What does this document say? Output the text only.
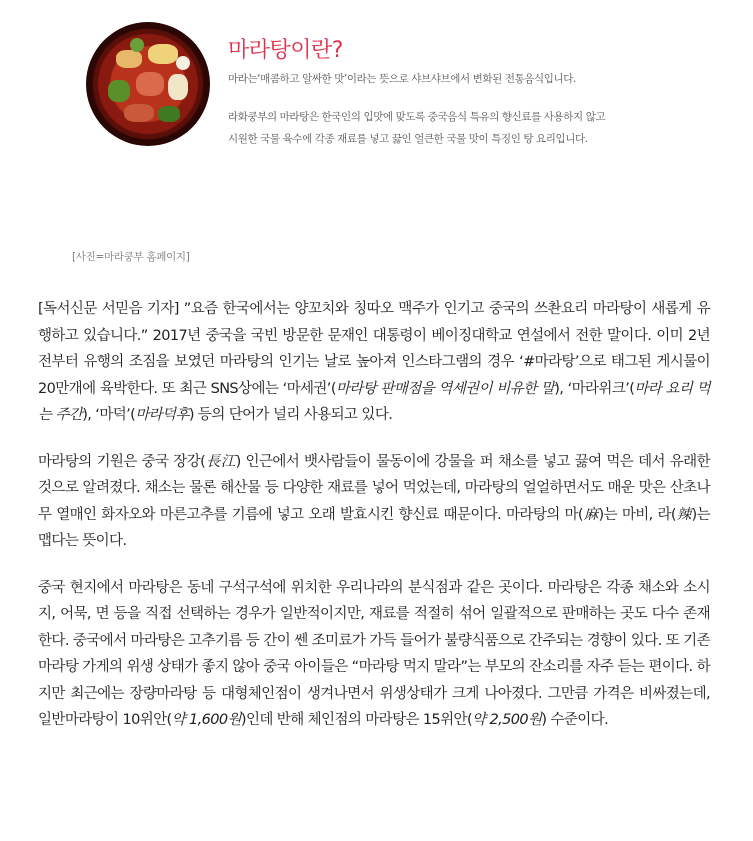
마라탕이란?

마라는‘매콤하고 알싸한 맛’이라는 뜻으로 샤브샤브에서 변화된 전통음식입니다.

라화쿵부의 마라탕은 한국인의 입맛에 맞도록 중국음식 특유의 향신료를 사용하지 않고

시원한 국물 육수에 각종 재료를 넣고 끓인 얼큰한 국물 맛이 특징인 탕 요리입니다.

[사진=마라쿵부 홈페이지]

[독서신문 서믿음 기자] ”요즘 한국에서는 양꼬치와 칭따오 맥주가 인기고 중국의 쓰촨요리 마라탕이 새롭게 유행하고 있습니다.” 2017년 중국을 국빈 방문한 문재인 대통령이 베이징대학교 연설에서 전한 말이다. 이미 2년 전부터 유행의 조짐을 보였던 마라탕의 인기는 날로 높아져 인스타그램의 경우 ‘#마라탕’으로 태그된 게시물이 20만개에 육박한다. 또 최근 SNS상에는 ‘마세권’(마라탕 판매점을 역세권이 비유한 말), ‘마라위크’(마라 요리 먹는 주간), ‘마덕’(마라덕후) 등의 단어가 널리 사용되고 있다.

마라탕의 기원은 중국 장강(長江) 인근에서 뱃사람들이 물동이에 강물을 퍼 채소를 넣고 끓여 먹은 데서 유래한 것으로 알려졌다. 채소는 물론 해산물 등 다양한 재료를 넣어 먹었는데, 마라탕의 얼얼하면서도 매운 맛은 산초나무 열매인 화자오와 마른고추를 기름에 넣고 오래 발효시킨 향신료 때문이다. 마라탕의 마(麻)는 마비, 라(辣)는 맵다는 뜻이다.

중국 현지에서 마라탕은 동네 구석구석에 위치한 우리나라의 분식점과 같은 곳이다. 마라탕은 각종 채소와 소시지, 어묵, 면 등을 직접 선택하는 경우가 일반적이지만, 재료를 적절히 섞어 일괄적으로 판매하는 곳도 다수 존재한다. 중국에서 마라탕은 고추기름 등 간이 쎈 조미료가 가득 들어가 불량식품으로 간주되는 경향이 있다. 또 기존 마라탕 가게의 위생 상태가 좋지 않아 중국 아이들은 “마라탕 먹지 말라”는 부모의 잔소리를 자주 듣는 편이다. 하지만 최근에는 장량마라탕 등 대형체인점이 생겨나면서 위생상태가 크게 나아졌다. 그만큼 가격은 비싸졌는데, 일반마라탕이 10위안(약 1,600원)인데 반해 체인점의 마라탕은 15위안(약 2,500원) 수준이다.
